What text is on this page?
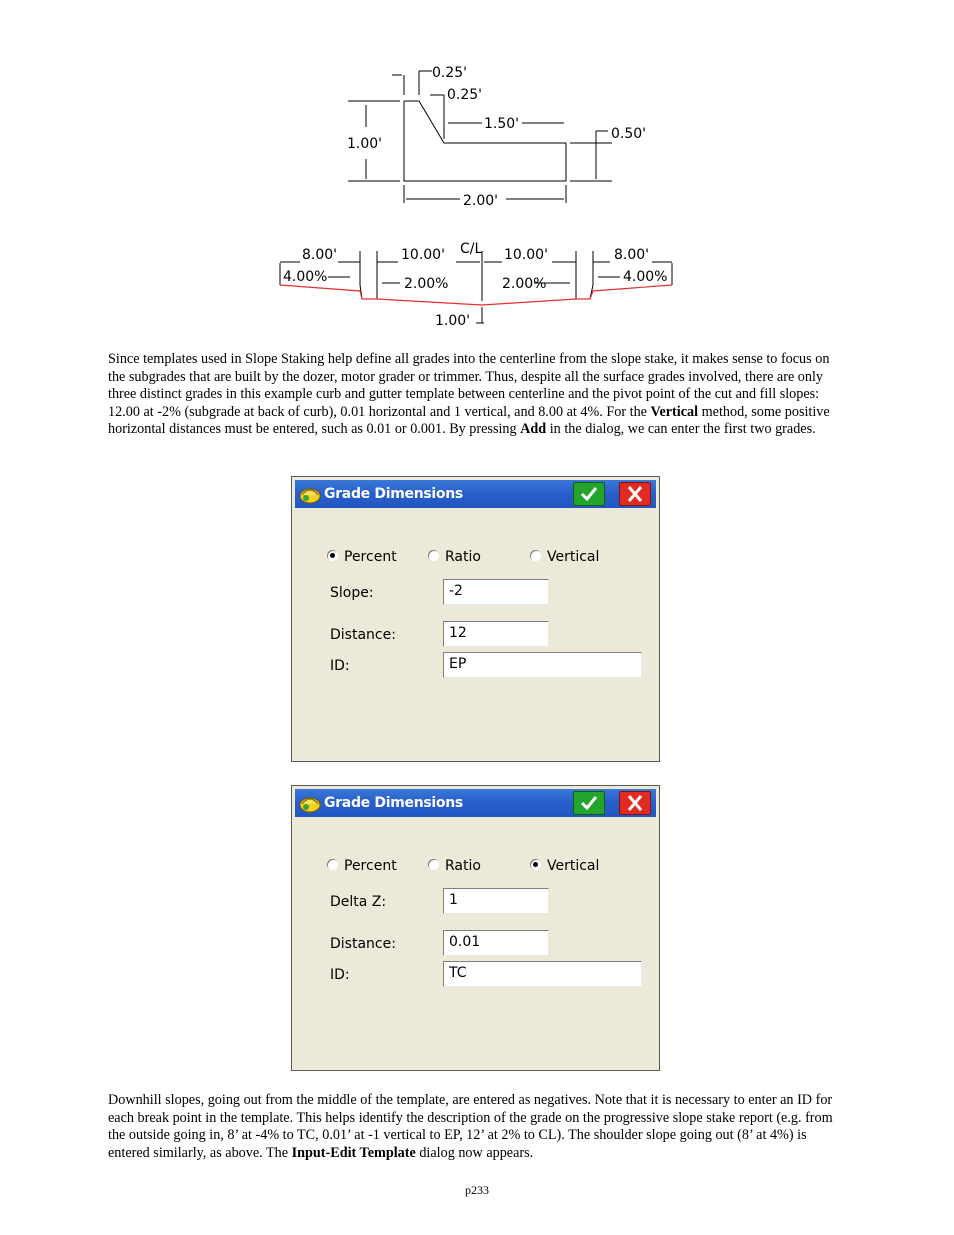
0.25'
0.25'
1.50'
1.00'
0.50'
2.00'
8.00'	10.00' C/L 10.00'	8.00'
4.00%	2.00%	2.00%	4.00%
1.00'

Since templates used in Slope Staking help define all grades into the centerline from the slope stake, it makes sense to focus on the subgrades that are built by the dozer, motor grader or trimmer. Thus, despite all the surface grades involved, there are only three distinct grades in this example curb and gutter template between centerline and the pivot point of the cut and fill slopes: 12.00 at -2% (subgrade at back of curb), 0.01 horizontal and 1 vertical, and 8.00 at 4%. For the Vertical method, some positive horizontal distances must be entered, such as 0.01 or 0.001. By pressing Add in the dialog, we can enter the first two grades.

Grade Dimensions
Percent	Ratio	Vertical
Slope:	-2
Distance:	12
ID:	EP
Grade Dimensions
Percent	Ratio	Vertical
Delta Z:	1
Distance:	0.01
ID:	TC

Downhill slopes, going out from the middle of the template, are entered as negatives. Note that it is necessary to enter an ID for each break point in the template. This helps identify the description of the grade on the progressive slope stake report (e.g. from the outside going in, 8’ at -4% to TC, 0.01’ at -1 vertical to EP, 12’ at 2% to CL). The shoulder slope going out (8’ at 4%) is entered similarly, as above. The Input-Edit Template dialog now appears.

p233
